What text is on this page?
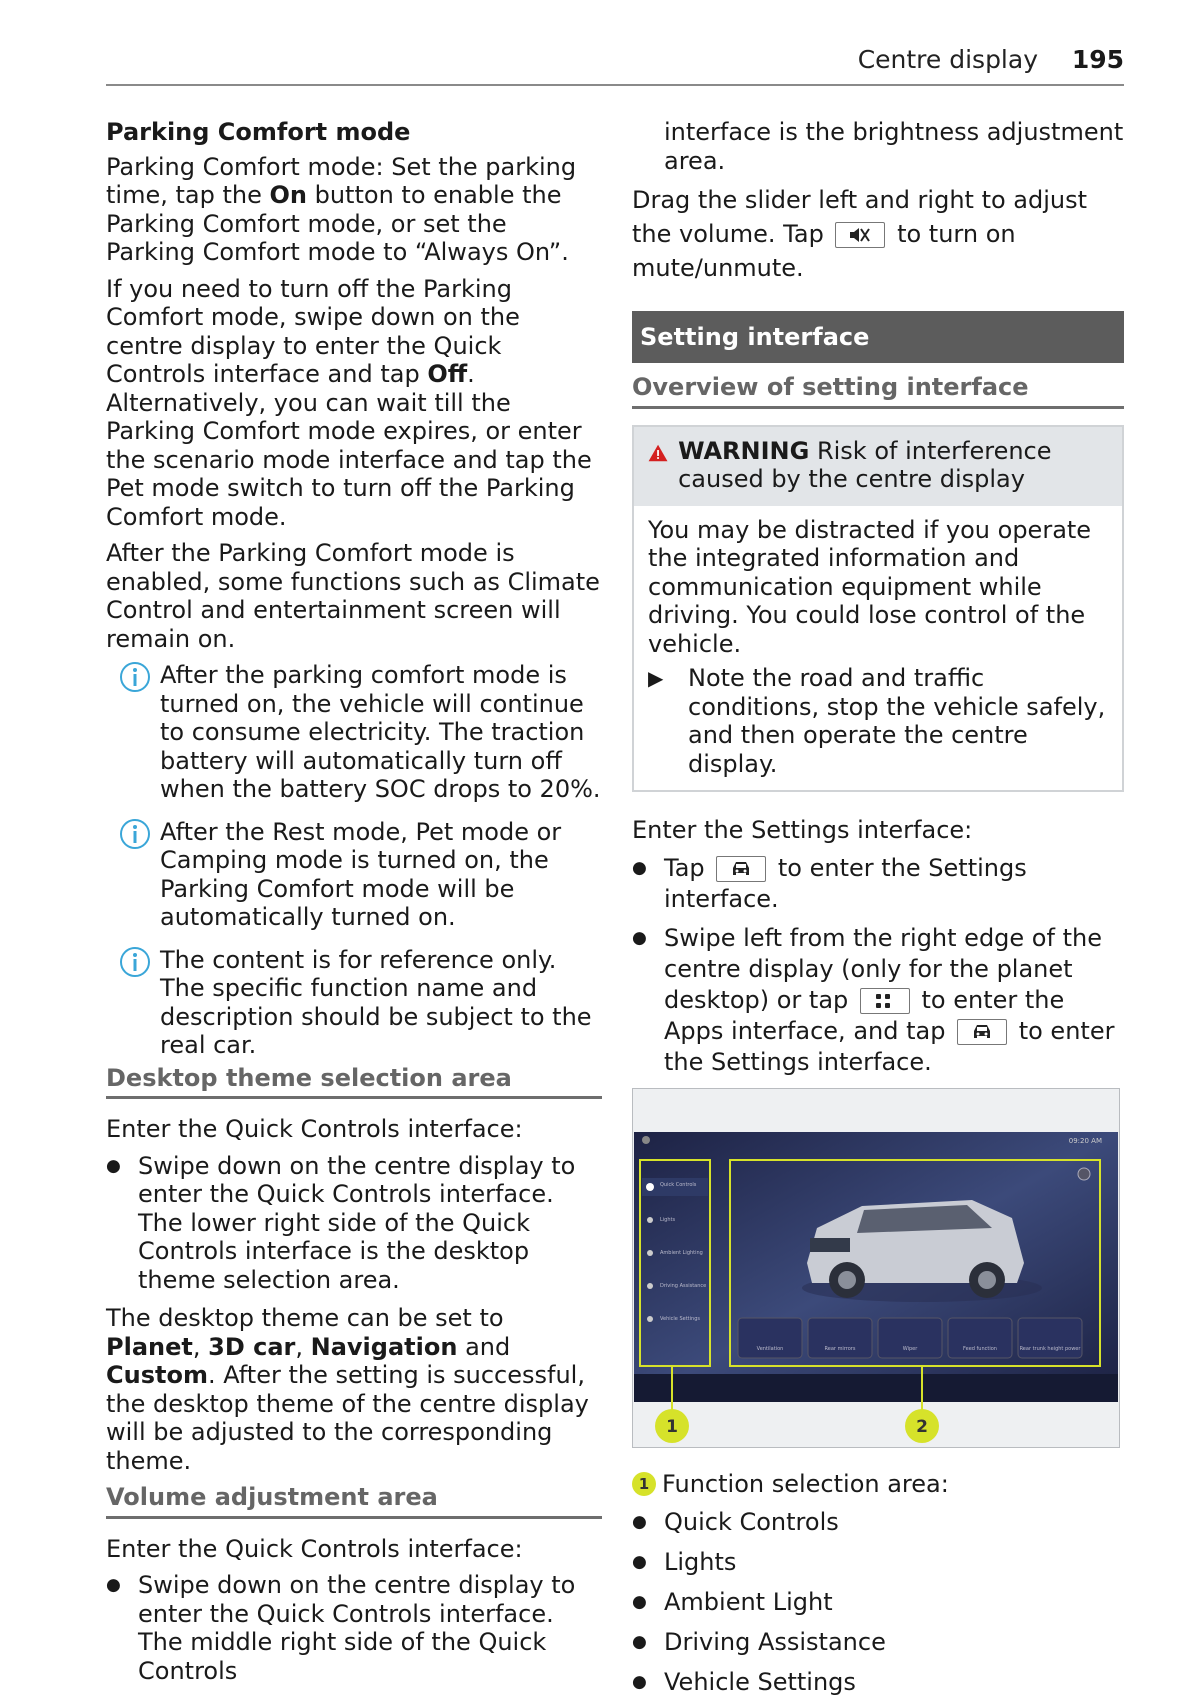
Centre display 195
Parking Comfort mode

Parking Comfort mode: Set the parking time, tap the On button to enable the Parking Comfort mode, or set the Parking Comfort mode to “Always On”.

If you need to turn off the Parking Comfort mode, swipe down on the centre display to enter the Quick Controls interface and tap Off. Alternatively, you can wait till the Parking Comfort mode expires, or enter the scenario mode interface and tap the Pet mode switch to turn off the Parking Comfort mode.

After the Parking Comfort mode is enabled, some functions such as Climate Control and entertainment screen will remain on.

After the parking comfort mode is turned on, the vehicle will continue to consume electricity. The traction battery will automatically turn off when the battery SOC drops to 20%.
After the Rest mode, Pet mode or Camping mode is turned on, the Parking Comfort mode will be automatically turned on.
The content is for reference only. The specific function name and description should be subject to the real car.
Desktop theme selection area

Enter the Quick Controls interface:

● Swipe down on the centre display to enter the Quick Controls interface. The lower right side of the Quick Controls interface is the desktop theme selection area.

The desktop theme can be set to Planet, 3D car, Navigation and Custom. After the setting is successful, the desktop theme of the centre display will be adjusted to the corresponding theme.

Volume adjustment area

Enter the Quick Controls interface:

● Swipe down on the centre display to enter the Quick Controls interface. The middle right side of the Quick Controls

interface is the brightness adjustment area.

Drag the slider left and right to adjust the volume. Tap
to turn on mute/unmute.

Setting interface
Overview of setting interface
WARNING Risk of interference caused by the centre display
You may be distracted if you operate the integrated information and communication equipment while driving. You could lose control of the vehicle.
▶	Note the road and traffic conditions, stop the vehicle safely, and then operate the centre display.

Enter the Settings interface:

● Tap
to enter the Settings interface.
● Swipe left from the right edge of the centre display (only for the planet desktop) or tap
to enter the Apps interface, and tap
to enter the Settings interface.
09:20 AM
Quick Controls
Lights
Ambient Lighting
Driving Assistance
Vehicle Settings
Ventilation	Rear mirrors	Wiper	Feed function	Rear trunk height power
1	2
1 Function selection area:
● Quick Controls
● Lights
● Ambient Light
● Driving Assistance
● Vehicle Settings
